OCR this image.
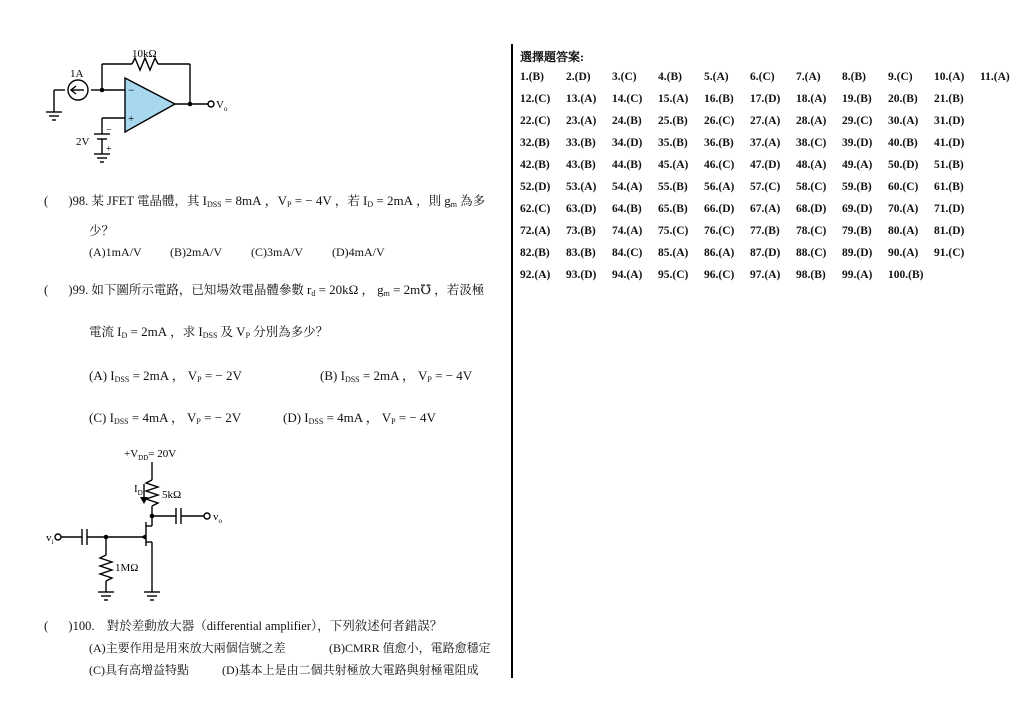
10kΩ
1A
2V
$V_o$
−
+
−
+
( )98. 某 JFET 電晶體，其 $I_{DSS} = 8mA$ ，$V_P$ = − 4V ，若 $I_D = 2mA$ ，則 $g_m$ 為多
少？
(A)1mA/V (B)2mA/V (C)3mA/V (D)4mA/V
( )99. 如下圖所示電路，已知場效電晶體參數 $r_d = 20k\Omega$ ， $g_m$ = 2m℧ ，若汲極
電流 $I_D = 2mA$ ，求 $I_{DSS}$ 及 $V_P$ 分別為多少？
(A) $I_{DSS} = 2mA$ ， $V_P$ = − 2V	(B) $I_{DSS} = 2mA$ ， $V_P$ = − 4V
(C) $I_{DSS} = 4mA$ ， $V_P$ = − 2V	(D) $I_{DSS} = 4mA$ ， $V_P$ = − 4V
$+V_{DD}= 20V$
$I_D$ 5kΩ
1MΩ
$v_i$
$v_o$
( )100. 對於差動放大器（differential amplifier），下列敘述何者錯誤？
(A)主要作用是用來放大兩個信號之差	(B)CMRR 值愈小，電路愈穩定
(C)具有高增益特點	(D)基本上是由二個共射極放大電路與射極電阻成
選擇題答案:
1.(B) 2.(D) 3.(C) 4.(B) 5.(A) 6.(C) 7.(A) 8.(B) 9.(C) 10.(A) 11.(A)
12.(C) 13.(A) 14.(C) 15.(A) 16.(B) 17.(D) 18.(A) 19.(B) 20.(B) 21.(B)
22.(C) 23.(A) 24.(B) 25.(B) 26.(C) 27.(A) 28.(A) 29.(C) 30.(A) 31.(D)
32.(B) 33.(B) 34.(D) 35.(B) 36.(B) 37.(A) 38.(C) 39.(D) 40.(B) 41.(D)
42.(B) 43.(B) 44.(B) 45.(A) 46.(C) 47.(D) 48.(A) 49.(A) 50.(D) 51.(B)
52.(D) 53.(A) 54.(A) 55.(B) 56.(A) 57.(C) 58.(C) 59.(B) 60.(C) 61.(B)
62.(C) 63.(D) 64.(B) 65.(B) 66.(D) 67.(A) 68.(D) 69.(D) 70.(A) 71.(D)
72.(A) 73.(B) 74.(A) 75.(C) 76.(C) 77.(B) 78.(C) 79.(B) 80.(A) 81.(D)
82.(B) 83.(B) 84.(C) 85.(A) 86.(A) 87.(D) 88.(C) 89.(D) 90.(A) 91.(C)
92.(A) 93.(D) 94.(A) 95.(C) 96.(C) 97.(A) 98.(B) 99.(A) 100.(B)
